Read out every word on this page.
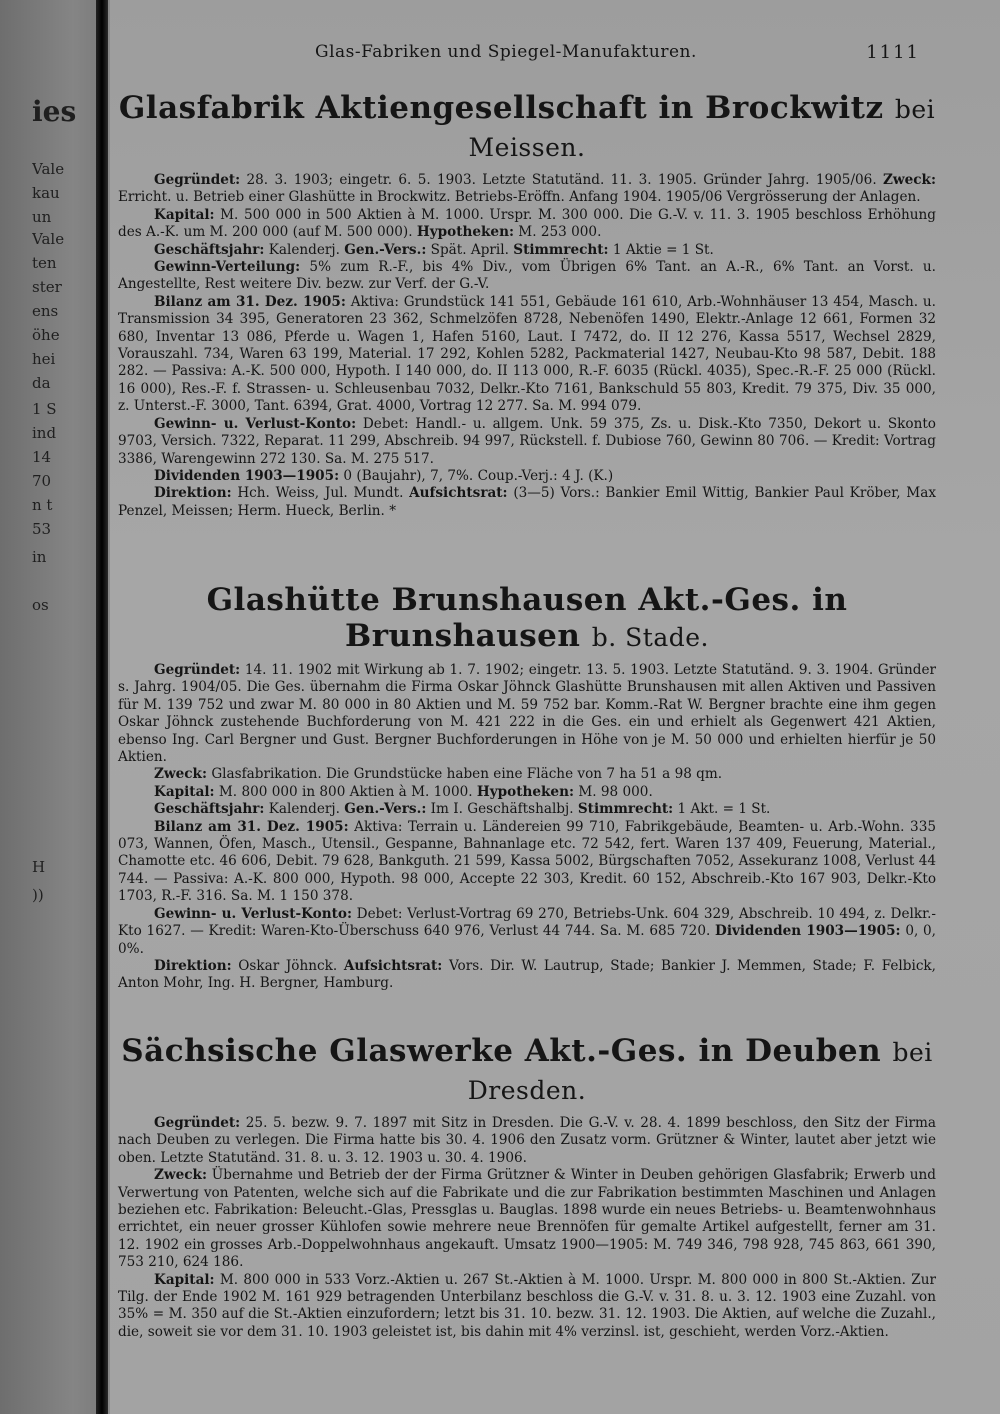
ies
Vale
kau
un
Vale
ten
ster
ens
öhe
hei
da
1 S
ind
14
70
n t
53
in
os
H
))
Glas-Fabriken und Spiegel-Manufakturen.	1111
Glasfabrik Aktiengesellschaft in Brockwitz bei Meissen.

Gegründet: 28. 3. 1903; eingetr. 6. 5. 1903. Letzte Statutänd. 11. 3. 1905. Gründer Jahrg. 1905/06. Zweck: Erricht. u. Betrieb einer Glashütte in Brockwitz. Betriebs-Eröffn. Anfang 1904. 1905/06 Vergrösserung der Anlagen.

Kapital: M. 500 000 in 500 Aktien à M. 1000. Urspr. M. 300 000. Die G.-V. v. 11. 3. 1905 beschloss Erhöhung des A.-K. um M. 200 000 (auf M. 500 000). Hypotheken: M. 253 000.

Geschäftsjahr: Kalenderj. Gen.-Vers.: Spät. April. Stimmrecht: 1 Aktie = 1 St.

Gewinn-Verteilung: 5% zum R.-F., bis 4% Div., vom Übrigen 6% Tant. an A.-R., 6% Tant. an Vorst. u. Angestellte, Rest weitere Div. bezw. zur Verf. der G.-V.

Bilanz am 31. Dez. 1905: Aktiva: Grundstück 141 551, Gebäude 161 610, Arb.-Wohnhäuser 13 454, Masch. u. Transmission 34 395, Generatoren 23 362, Schmelzöfen 8728, Nebenöfen 1490, Elektr.-Anlage 12 661, Formen 32 680, Inventar 13 086, Pferde u. Wagen 1, Hafen 5160, Laut. I 7472, do. II 12 276, Kassa 5517, Wechsel 2829, Vorauszahl. 734, Waren 63 199, Material. 17 292, Kohlen 5282, Packmaterial 1427, Neubau-Kto 98 587, Debit. 188 282. — Passiva: A.-K. 500 000, Hypoth. I 140 000, do. II 113 000, R.-F. 6035 (Rückl. 4035), Spec.-R.-F. 25 000 (Rückl. 16 000), Res.-F. f. Strassen- u. Schleusenbau 7032, Delkr.-Kto 7161, Bankschuld 55 803, Kredit. 79 375, Div. 35 000, z. Unterst.-F. 3000, Tant. 6394, Grat. 4000, Vortrag 12 277. Sa. M. 994 079.

Gewinn- u. Verlust-Konto: Debet: Handl.- u. allgem. Unk. 59 375, Zs. u. Disk.-Kto 7350, Dekort u. Skonto 9703, Versich. 7322, Reparat. 11 299, Abschreib. 94 997, Rückstell. f. Dubiose 760, Gewinn 80 706. — Kredit: Vortrag 3386, Warengewinn 272 130. Sa. M. 275 517.

Dividenden 1903—1905: 0 (Baujahr), 7, 7%. Coup.-Verj.: 4 J. (K.)

Direktion: Hch. Weiss, Jul. Mundt. Aufsichtsrat: (3—5) Vors.: Bankier Emil Wittig, Bankier Paul Kröber, Max Penzel, Meissen; Herm. Hueck, Berlin. *

Glashütte Brunshausen Akt.-Ges. in Brunshausen b. Stade.

Gegründet: 14. 11. 1902 mit Wirkung ab 1. 7. 1902; eingetr. 13. 5. 1903. Letzte Statutänd. 9. 3. 1904. Gründer s. Jahrg. 1904/05. Die Ges. übernahm die Firma Oskar Jöhnck Glashütte Brunshausen mit allen Aktiven und Passiven für M. 139 752 und zwar M. 80 000 in 80 Aktien und M. 59 752 bar. Komm.-Rat W. Bergner brachte eine ihm gegen Oskar Jöhnck zustehende Buchforderung von M. 421 222 in die Ges. ein und erhielt als Gegenwert 421 Aktien, ebenso Ing. Carl Bergner und Gust. Bergner Buchforderungen in Höhe von je M. 50 000 und erhielten hierfür je 50 Aktien.

Zweck: Glasfabrikation. Die Grundstücke haben eine Fläche von 7 ha 51 a 98 qm.

Kapital: M. 800 000 in 800 Aktien à M. 1000. Hypotheken: M. 98 000.

Geschäftsjahr: Kalenderj. Gen.-Vers.: Im I. Geschäftshalbj. Stimmrecht: 1 Akt. = 1 St.

Bilanz am 31. Dez. 1905: Aktiva: Terrain u. Ländereien 99 710, Fabrikgebäude, Beamten- u. Arb.-Wohn. 335 073, Wannen, Öfen, Masch., Utensil., Gespanne, Bahnanlage etc. 72 542, fert. Waren 137 409, Feuerung, Material., Chamotte etc. 46 606, Debit. 79 628, Bankguth. 21 599, Kassa 5002, Bürgschaften 7052, Assekuranz 1008, Verlust 44 744. — Passiva: A.-K. 800 000, Hypoth. 98 000, Accepte 22 303, Kredit. 60 152, Abschreib.-Kto 167 903, Delkr.-Kto 1703, R.-F. 316. Sa. M. 1 150 378.

Gewinn- u. Verlust-Konto: Debet: Verlust-Vortrag 69 270, Betriebs-Unk. 604 329, Abschreib. 10 494, z. Delkr.-Kto 1627. — Kredit: Waren-Kto-Überschuss 640 976, Verlust 44 744. Sa. M. 685 720. Dividenden 1903—1905: 0, 0, 0%.

Direktion: Oskar Jöhnck. Aufsichtsrat: Vors. Dir. W. Lautrup, Stade; Bankier J. Memmen, Stade; F. Felbick, Anton Mohr, Ing. H. Bergner, Hamburg.

Sächsische Glaswerke Akt.-Ges. in Deuben bei Dresden.

Gegründet: 25. 5. bezw. 9. 7. 1897 mit Sitz in Dresden. Die G.-V. v. 28. 4. 1899 beschloss, den Sitz der Firma nach Deuben zu verlegen. Die Firma hatte bis 30. 4. 1906 den Zusatz vorm. Grützner & Winter, lautet aber jetzt wie oben. Letzte Statutänd. 31. 8. u. 3. 12. 1903 u. 30. 4. 1906.

Zweck: Übernahme und Betrieb der der Firma Grützner & Winter in Deuben gehörigen Glasfabrik; Erwerb und Verwertung von Patenten, welche sich auf die Fabrikate und die zur Fabrikation bestimmten Maschinen und Anlagen beziehen etc. Fabrikation: Beleucht.-Glas, Pressglas u. Bauglas. 1898 wurde ein neues Betriebs- u. Beamtenwohnhaus errichtet, ein neuer grosser Kühlofen sowie mehrere neue Brennöfen für gemalte Artikel aufgestellt, ferner am 31. 12. 1902 ein grosses Arb.-Doppelwohnhaus angekauft. Umsatz 1900—1905: M. 749 346, 798 928, 745 863, 661 390, 753 210, 624 186.

Kapital: M. 800 000 in 533 Vorz.-Aktien u. 267 St.-Aktien à M. 1000. Urspr. M. 800 000 in 800 St.-Aktien. Zur Tilg. der Ende 1902 M. 161 929 betragenden Unterbilanz beschloss die G.-V. v. 31. 8. u. 3. 12. 1903 eine Zuzahl. von 35% = M. 350 auf die St.-Aktien einzufordern; letzt bis 31. 10. bezw. 31. 12. 1903. Die Aktien, auf welche die Zuzahl., die, soweit sie vor dem 31. 10. 1903 geleistet ist, bis dahin mit 4% verzinsl. ist, geschieht, werden Vorz.-Aktien.
